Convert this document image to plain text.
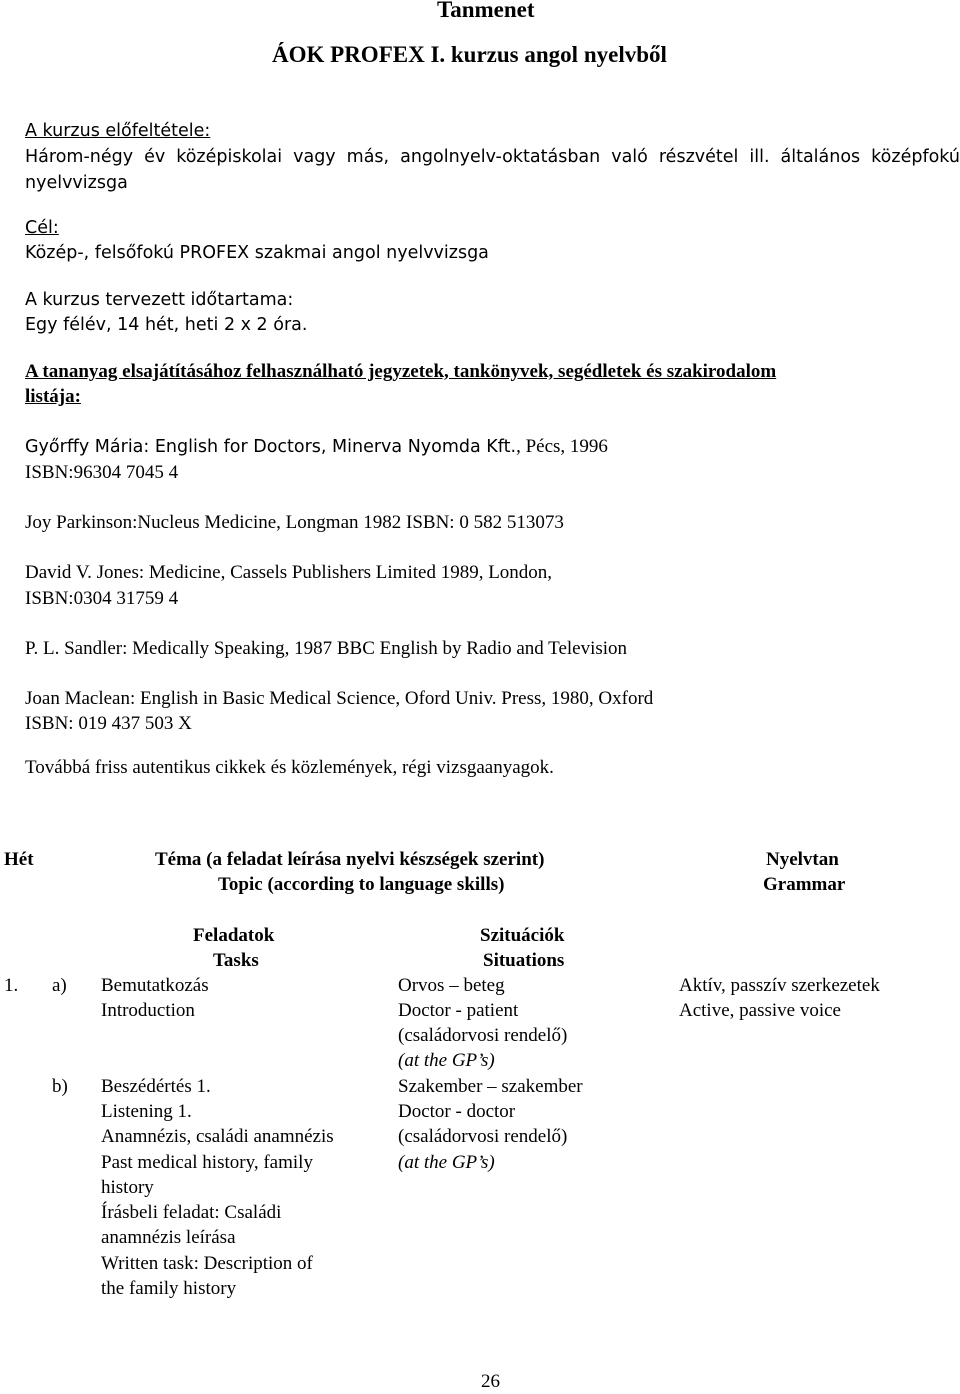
Tanmenet
ÁOK PROFEX I. kurzus angol nyelvből
A kurzus előfeltétele:
Három-négy év középiskolai vagy más, angolnyelv-oktatásban való részvétel ill. általános középfokú
nyelvvizsga
Cél:
Közép-, felsőfokú PROFEX szakmai angol nyelvvizsga
A kurzus tervezett időtartama:
Egy félév, 14 hét, heti 2 x 2 óra.
A tananyag elsajátításához felhasználható jegyzetek, tankönyvek, segédletek és szakirodalom
listája:
Győrffy Mária: English for Doctors, Minerva Nyomda Kft., Pécs, 1996
ISBN:96304 7045 4
Joy Parkinson:Nucleus Medicine, Longman 1982 ISBN: 0 582 513073
David V. Jones: Medicine, Cassels Publishers Limited 1989, London,
ISBN:0304 31759 4
P. L. Sandler: Medically Speaking, 1987 BBC English by Radio and Television
Joan Maclean: English in Basic Medical Science, Oford Univ. Press, 1980, Oxford
ISBN: 019 437 503 X
Továbbá friss autentikus cikkek és közlemények, régi vizsgaanyagok.
Hét	Téma (a feladat leírása nyelvi készségek szerint)
Topic (according to language skills)
Nyelvtan
Grammar
Feladatok
Tasks
Szituációk
Situations
1. a) Bemutatkozás
Introduction
Orvos – beteg
Doctor - patient
(családorvosi rendelő)
(at the GP’s)
Aktív, passzív szerkezetek
Active, passive voice
b) Beszédértés 1.
Listening 1.
Anamnézis, családi anamnézis
Past medical history, family
history
Írásbeli feladat: Családi
anamnézis leírása
Written task: Description of
the family history
Szakember – szakember
Doctor - doctor
(családorvosi rendelő)
(at the GP’s)
26
